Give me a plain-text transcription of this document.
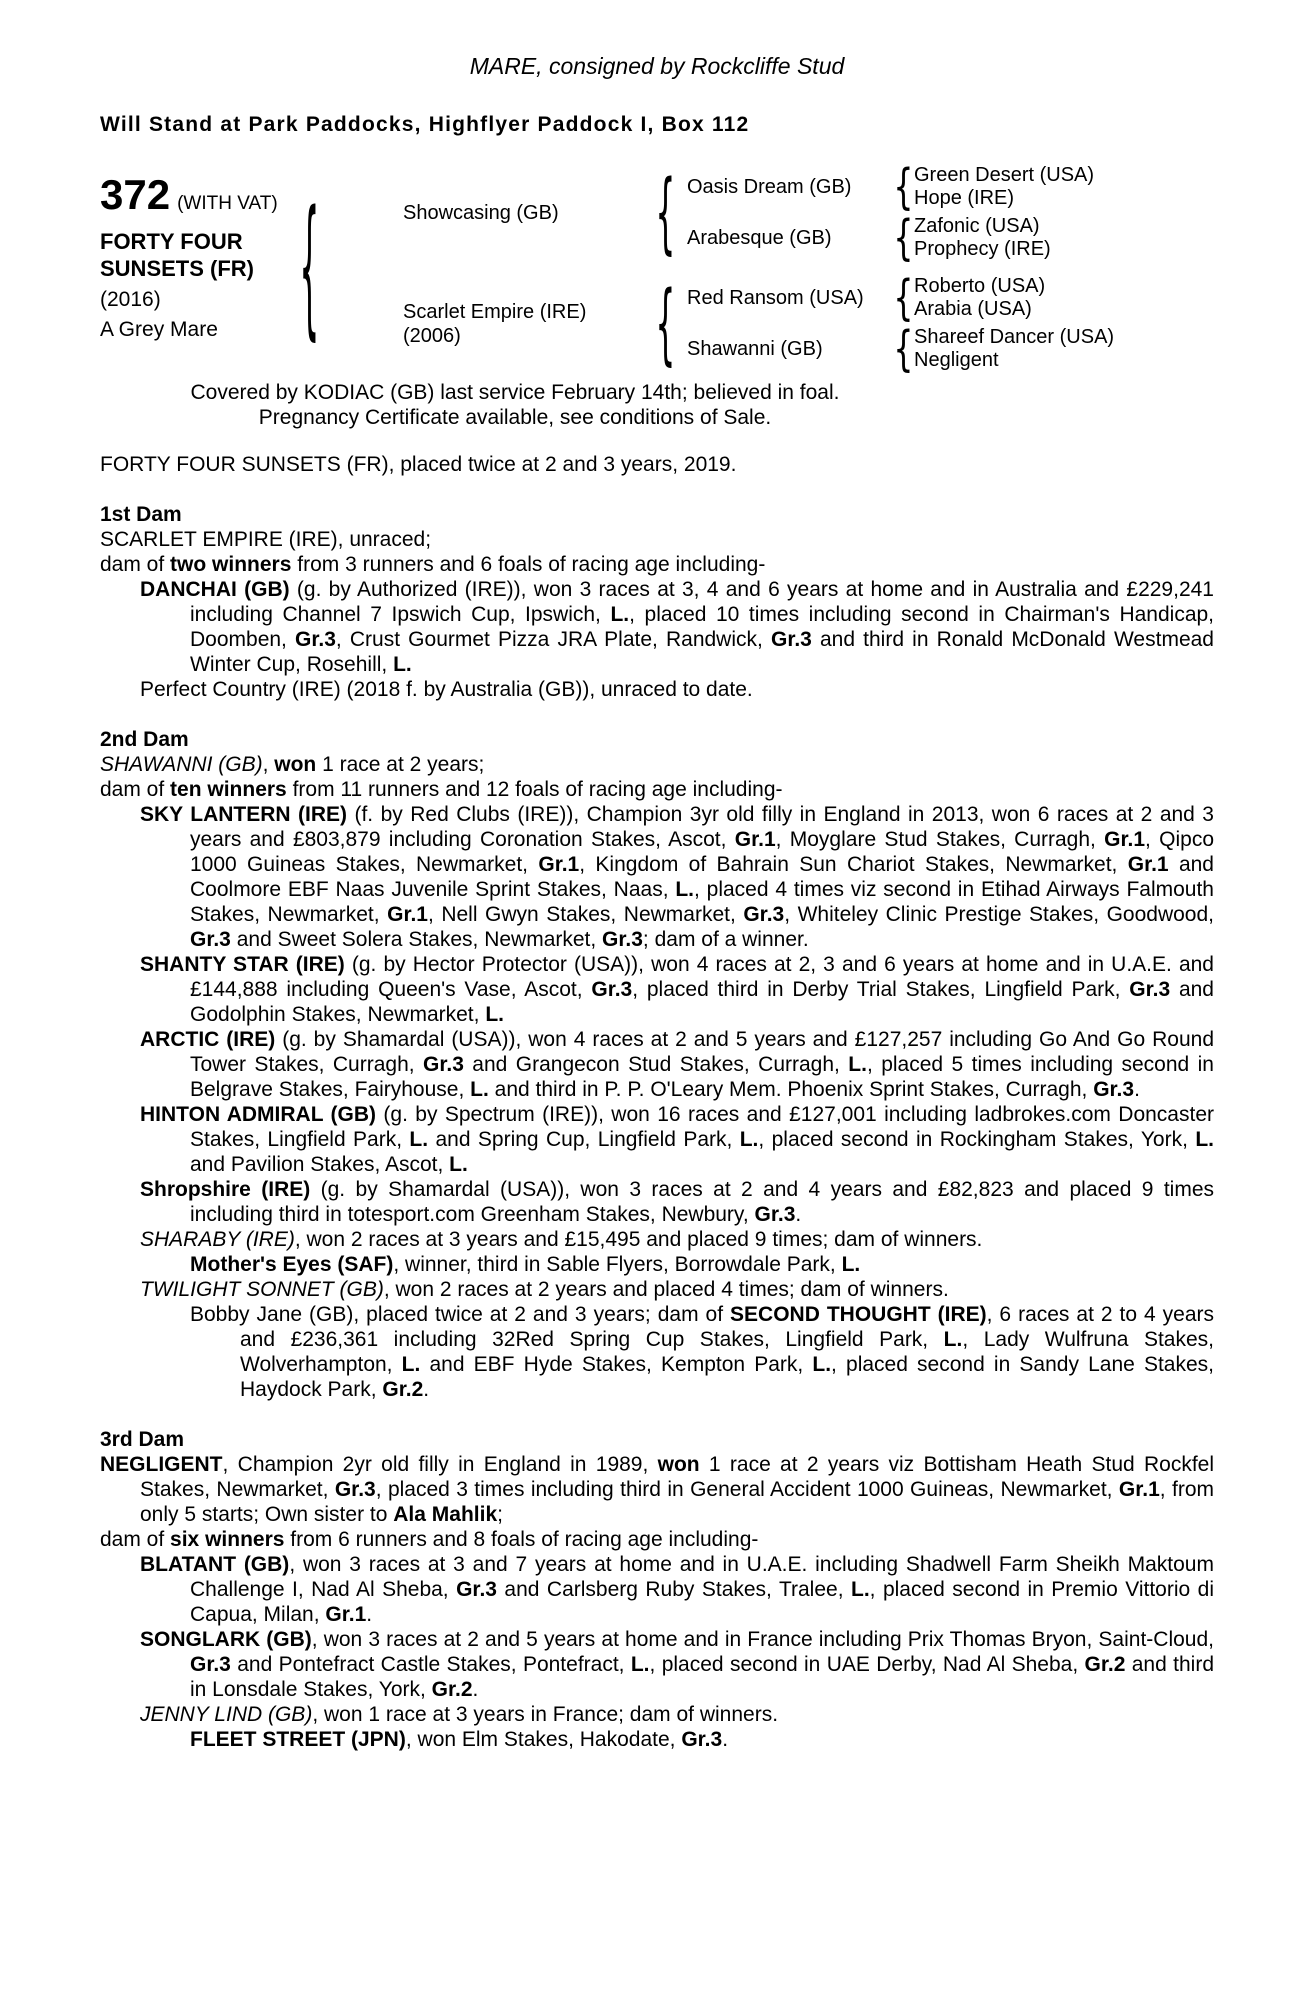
MARE, consigned by Rockcliffe Stud
Will Stand at Park Paddocks, Highflyer Paddock I, Box 112
372 (WITH VAT)
FORTY FOUR
SUNSETS (FR)
(2016)
A Grey Mare
{
Showcasing (GB)
{
Oasis Dream (GB)
{
Green Desert (USA)
Hope (IRE)
Arabesque (GB)
{
Zafonic (USA)
Prophecy (IRE)
Scarlet Empire (IRE)
(2006)
{
Red Ransom (USA)
{
Roberto (USA)
Arabia (USA)
Shawanni (GB)
{
Shareef Dancer (USA)
Negligent
Covered by KODIAC (GB) last service February 14th; believed in foal.
Pregnancy Certificate available, see conditions of Sale.
FORTY FOUR SUNSETS (FR), placed twice at 2 and 3 years, 2019.
1st Dam

SCARLET EMPIRE (IRE), unraced;

dam of two winners from 3 runners and 6 foals of racing age including-

DANCHAI (GB) (g. by Authorized (IRE)), won 3 races at 3, 4 and 6 years at home and in Australia and £229,241 including Channel 7 Ipswich Cup, Ipswich, L., placed 10 times including second in Chairman's Handicap, Doomben, Gr.3, Crust Gourmet Pizza JRA Plate, Randwick, Gr.3 and third in Ronald McDonald Westmead Winter Cup, Rosehill, L.

Perfect Country (IRE) (2018 f. by Australia (GB)), unraced to date.

2nd Dam

SHAWANNI (GB), won 1 race at 2 years;

dam of ten winners from 11 runners and 12 foals of racing age including-

SKY LANTERN (IRE) (f. by Red Clubs (IRE)), Champion 3yr old filly in England in 2013, won 6 races at 2 and 3 years and £803,879 including Coronation Stakes, Ascot, Gr.1, Moyglare Stud Stakes, Curragh, Gr.1, Qipco 1000 Guineas Stakes, Newmarket, Gr.1, Kingdom of Bahrain Sun Chariot Stakes, Newmarket, Gr.1 and Coolmore EBF Naas Juvenile Sprint Stakes, Naas, L., placed 4 times viz second in Etihad Airways Falmouth Stakes, Newmarket, Gr.1, Nell Gwyn Stakes, Newmarket, Gr.3, Whiteley Clinic Prestige Stakes, Goodwood, Gr.3 and Sweet Solera Stakes, Newmarket, Gr.3; dam of a winner.

SHANTY STAR (IRE) (g. by Hector Protector (USA)), won 4 races at 2, 3 and 6 years at home and in U.A.E. and £144,888 including Queen's Vase, Ascot, Gr.3, placed third in Derby Trial Stakes, Lingfield Park, Gr.3 and Godolphin Stakes, Newmarket, L.

ARCTIC (IRE) (g. by Shamardal (USA)), won 4 races at 2 and 5 years and £127,257 including Go And Go Round Tower Stakes, Curragh, Gr.3 and Grangecon Stud Stakes, Curragh, L., placed 5 times including second in Belgrave Stakes, Fairyhouse, L. and third in P. P. O'Leary Mem. Phoenix Sprint Stakes, Curragh, Gr.3.

HINTON ADMIRAL (GB) (g. by Spectrum (IRE)), won 16 races and £127,001 including ladbrokes.com Doncaster Stakes, Lingfield Park, L. and Spring Cup, Lingfield Park, L., placed second in Rockingham Stakes, York, L. and Pavilion Stakes, Ascot, L.

Shropshire (IRE) (g. by Shamardal (USA)), won 3 races at 2 and 4 years and £82,823 and placed 9 times including third in totesport.com Greenham Stakes, Newbury, Gr.3.

SHARABY (IRE), won 2 races at 3 years and £15,495 and placed 9 times; dam of winners.

Mother's Eyes (SAF), winner, third in Sable Flyers, Borrowdale Park, L.

TWILIGHT SONNET (GB), won 2 races at 2 years and placed 4 times; dam of winners.

Bobby Jane (GB), placed twice at 2 and 3 years; dam of SECOND THOUGHT (IRE), 6 races at 2 to 4 years and £236,361 including 32Red Spring Cup Stakes, Lingfield Park, L., Lady Wulfruna Stakes, Wolverhampton, L. and EBF Hyde Stakes, Kempton Park, L., placed second in Sandy Lane Stakes, Haydock Park, Gr.2.

3rd Dam

NEGLIGENT, Champion 2yr old filly in England in 1989, won 1 race at 2 years viz Bottisham Heath Stud Rockfel Stakes, Newmarket, Gr.3, placed 3 times including third in General Accident 1000 Guineas, Newmarket, Gr.1, from only 5 starts; Own sister to Ala Mahlik;

dam of six winners from 6 runners and 8 foals of racing age including-

BLATANT (GB), won 3 races at 3 and 7 years at home and in U.A.E. including Shadwell Farm Sheikh Maktoum Challenge I, Nad Al Sheba, Gr.3 and Carlsberg Ruby Stakes, Tralee, L., placed second in Premio Vittorio di Capua, Milan, Gr.1.

SONGLARK (GB), won 3 races at 2 and 5 years at home and in France including Prix Thomas Bryon, Saint-Cloud, Gr.3 and Pontefract Castle Stakes, Pontefract, L., placed second in UAE Derby, Nad Al Sheba, Gr.2 and third in Lonsdale Stakes, York, Gr.2.

JENNY LIND (GB), won 1 race at 3 years in France; dam of winners.

FLEET STREET (JPN), won Elm Stakes, Hakodate, Gr.3.
